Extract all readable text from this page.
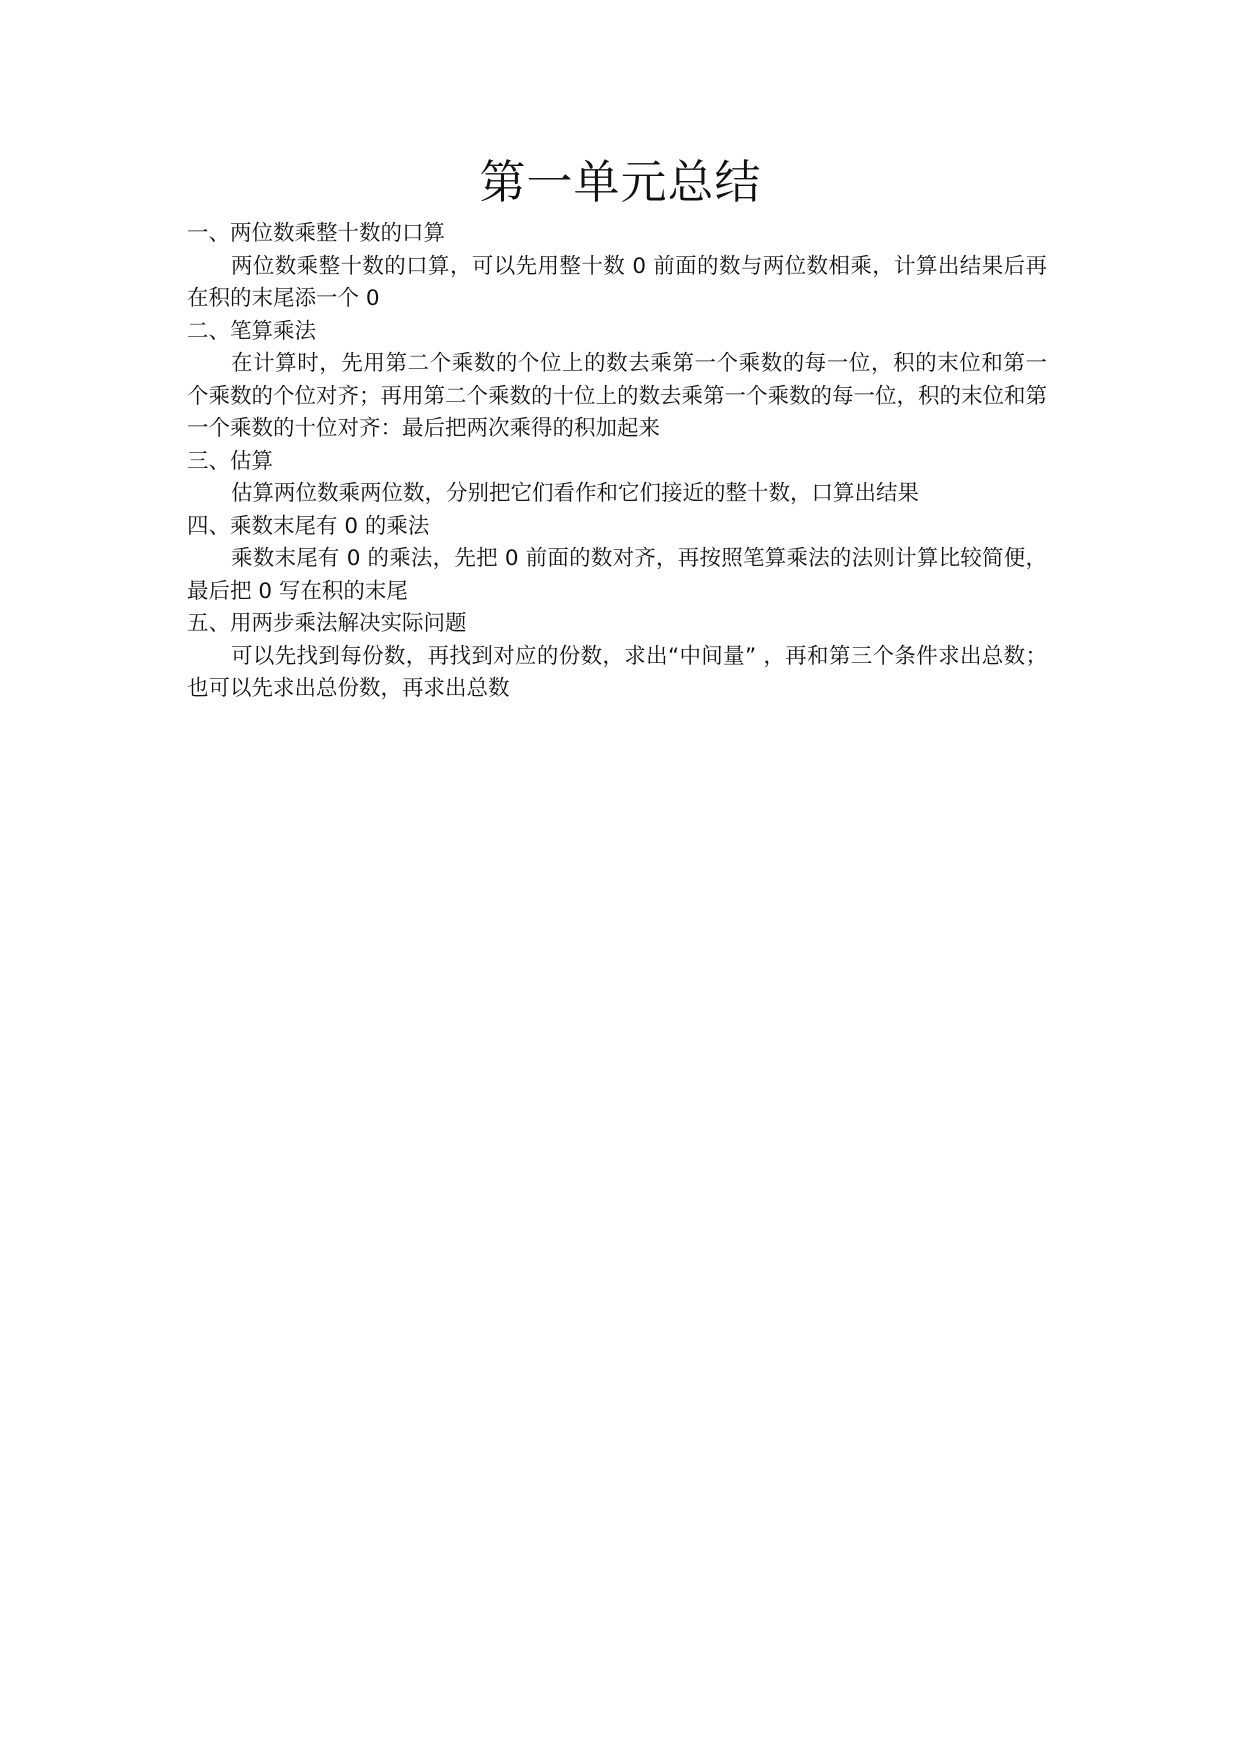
第一单元总结

一、两位数乘整十数的口算

两位数乘整十数的口算，可以先用整十数 0 前面的数与两位数相乘，计算出结果后再在积的末尾添一个 0

二、笔算乘法

在计算时，先用第二个乘数的个位上的数去乘第一个乘数的每一位，积的末位和第一个乘数的个位对齐；再用第二个乘数的十位上的数去乘第一个乘数的每一位，积的末位和第一个乘数的十位对齐：最后把两次乘得的积加起来

三、估算

估算两位数乘两位数，分别把它们看作和它们接近的整十数，口算出结果

四、乘数末尾有 0 的乘法

乘数末尾有 0 的乘法，先把 0 前面的数对齐，再按照笔算乘法的法则计算比较简便，最后把 0 写在积的末尾

五、用两步乘法解决实际问题

可以先找到每份数，再找到对应的份数，求出“中间量” ，再和第三个条件求出总数；也可以先求出总份数，再求出总数
